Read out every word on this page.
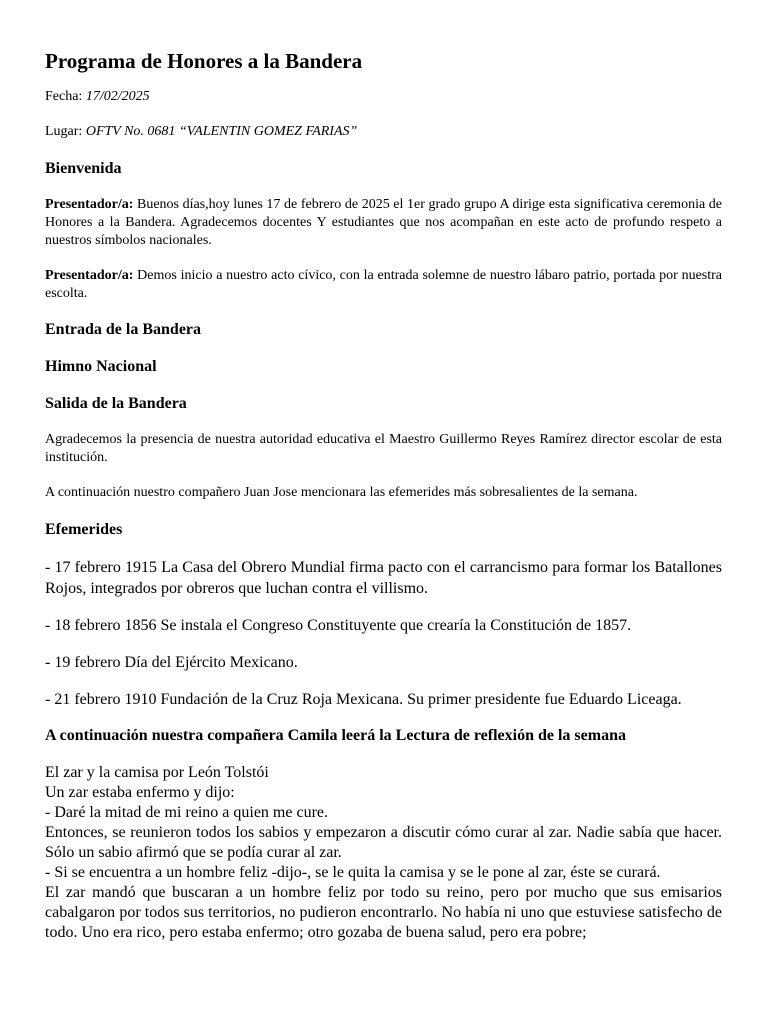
Programa de Honores a la Bandera

Fecha: 17/02/2025

Lugar: OFTV No. 0681 “VALENTIN GOMEZ FARIAS”

Bienvenida

Presentador/a: Buenos días,hoy lunes 17 de febrero de 2025 el 1er grado grupo A dirige esta significativa ceremonia de Honores a la Bandera. Agradecemos docentes Y estudiantes que nos acompañan en este acto de profundo respeto a nuestros símbolos nacionales.

Presentador/a: Demos inicio a nuestro acto cívico, con la entrada solemne de nuestro lábaro patrio, portada por nuestra escolta.

Entrada de la Bandera
Himno Nacional
Salida de la Bandera

Agradecemos la presencia de nuestra autoridad educativa el Maestro Guillermo Reyes Ramírez director escolar de esta institución.

A continuación nuestro compañero Juan Jose mencionara las efemerides más sobresalientes de la semana.

Efemerides

- 17 febrero 1915 La Casa del Obrero Mundial firma pacto con el carrancismo para formar los Batallones Rojos, integrados por obreros que luchan contra el villismo.

- 18 febrero 1856 Se instala el Congreso Constituyente que crearía la Constitución de 1857.

- 19 febrero Día del Ejército Mexicano.

- 21 febrero 1910 Fundación de la Cruz Roja Mexicana. Su primer presidente fue Eduardo Liceaga.

A continuación nuestra compañera Camila leerá la Lectura de reflexión de la semana
El zar y la camisa por León Tolstói
Un zar estaba enfermo y dijo:
- Daré la mitad de mi reino a quien me cure.
Entonces, se reunieron todos los sabios y empezaron a discutir cómo curar al zar. Nadie sabía que hacer. Sólo un sabio afirmó que se podía curar al zar.
- Si se encuentra a un hombre feliz -dijo-, se le quita la camisa y se le pone al zar, éste se curará.
El zar mandó que buscaran a un hombre feliz por todo su reino, pero por mucho que sus emisarios cabalgaron por todos sus territorios, no pudieron encontrarlo. No había ni uno que estuviese satisfecho de todo. Uno era rico, pero estaba enfermo; otro gozaba de buena salud, pero era pobre;
